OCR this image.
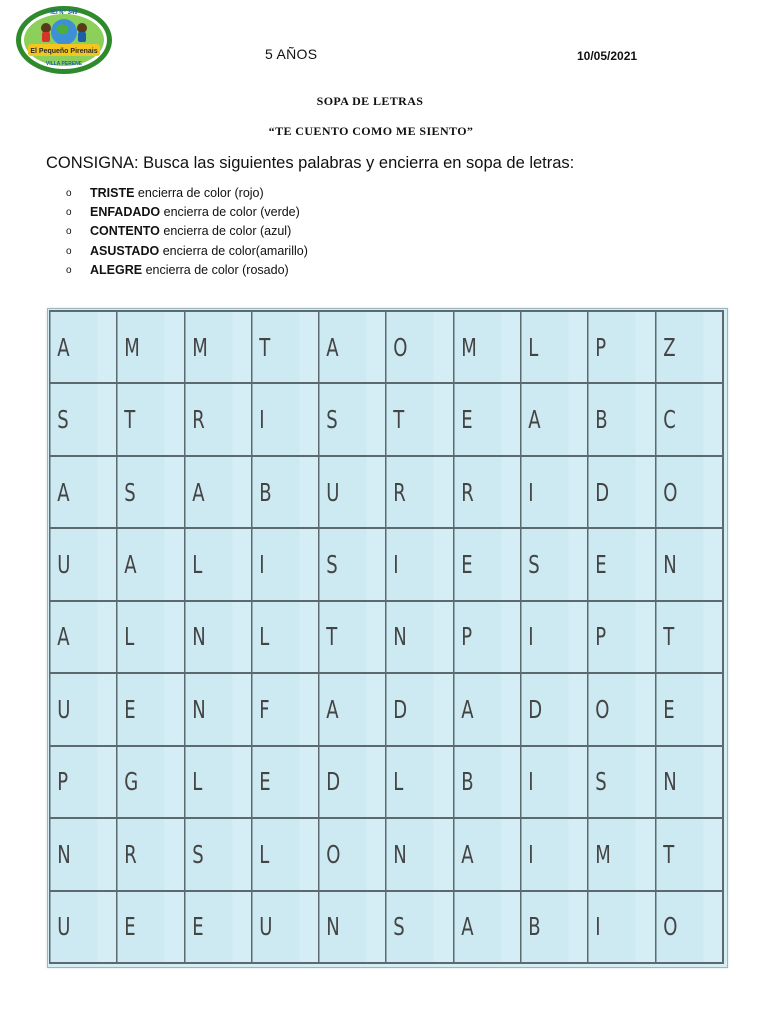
El Pequeño Pirenais
IEI N° 349
VILLA PERENE
5 AÑOS	10/05/2021
SOPA DE LETRAS
“TE CUENTO COMO ME SIENTO”
CONSIGNA: Busca las siguientes palabras y encierra en sopa de letras:
o TRISTE encierra de color (rojo)
o ENFADADO encierra de color (verde)
o CONTENTO encierra de color (azul)
o ASUSTADO encierra de color(amarillo)
o ALEGRE encierra de color (rosado)
A	M	M	T	A	O	M	L	P	Z
S	T	R	I	S	T	E	A	B	C
A	S	A	B	U	R	R	I	D	O
U	A	L	I	S	I	E	S	E	N
A	L	N	L	T	N	P	I	P	T
U	E	N	F	A	D	A	D	O	E
P	G	L	E	D	L	B	I	S	N
N	R	S	L	O	N	A	I	M	T
U	E	E	U	N	S	A	B	I	O
